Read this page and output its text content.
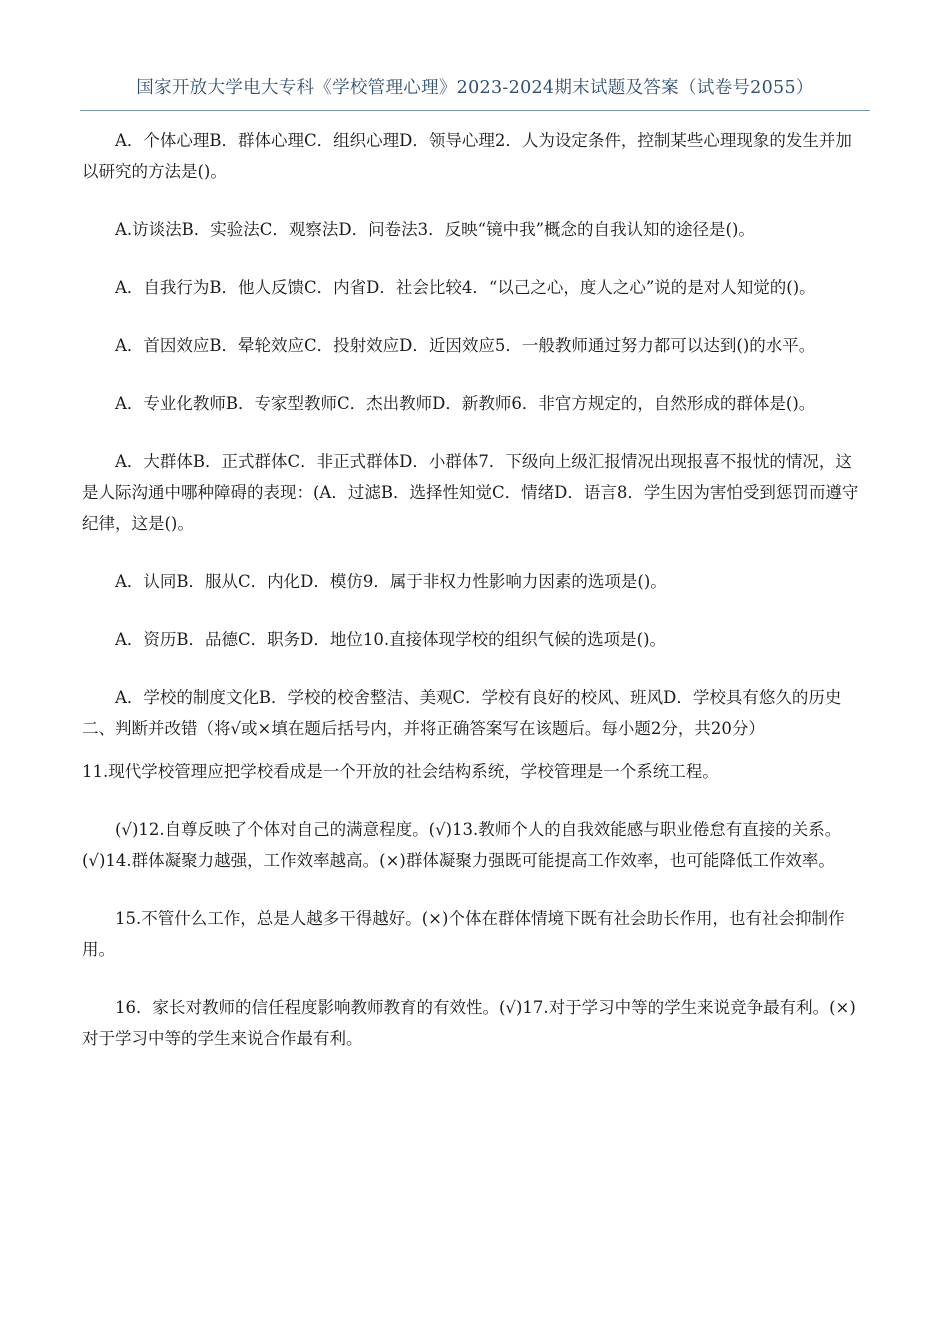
国家开放大学电大专科《学校管理心理》2023-2024期末试题及答案（试卷号2055）

A．个体心理B．群体心理C．组织心理D．领导心理2．人为设定条件，控制某些心理现象的发生并加以研究的方法是()。

A.访谈法B．实验法C．观察法D．问卷法3．反映“镜中我”概念的自我认知的途径是()。

A．自我行为B．他人反馈C．内省D．社会比较4．“以己之心，度人之心”说的是对人知觉的()。

A．首因效应B．晕轮效应C．投射效应D．近因效应5．一般教师通过努力都可以达到()的水平。

A．专业化教师B．专家型教师C．杰出教师D．新教师6．非官方规定的，自然形成的群体是()。

A．大群体B．正式群体C．非正式群体D．小群体7．下级向上级汇报情况出现报喜不报忧的情况，这是人际沟通中哪种障碍的表现：(A．过滤B．选择性知觉C．情绪D．语言8．学生因为害怕受到惩罚而遵守纪律，这是()。

A．认同B．服从C．内化D．模仿9．属于非权力性影响力因素的选项是()。

A．资历B．品德C．职务D．地位10.直接体现学校的组织气候的选项是()。

A．学校的制度文化B．学校的校舍整洁、美观C．学校有良好的校风、班风D．学校具有悠久的历史二、判断并改错（将√或×填在题后括号内，并将正确答案写在该题后。每小题2分，共20分）

11.现代学校管理应把学校看成是一个开放的社会结构系统，学校管理是一个系统工程。

(√)12.自尊反映了个体对自己的满意程度。(√)13.教师个人的自我效能感与职业倦怠有直接的关系。(√)14.群体凝聚力越强，工作效率越高。(×)群体凝聚力强既可能提高工作效率，也可能降低工作效率。

15.不管什么工作，总是人越多干得越好。(×)个体在群体情境下既有社会助长作用，也有社会抑制作用。

16．家长对教师的信任程度影响教师教育的有效性。(√)17.对于学习中等的学生来说竞争最有利。(×)对于学习中等的学生来说合作最有利。
